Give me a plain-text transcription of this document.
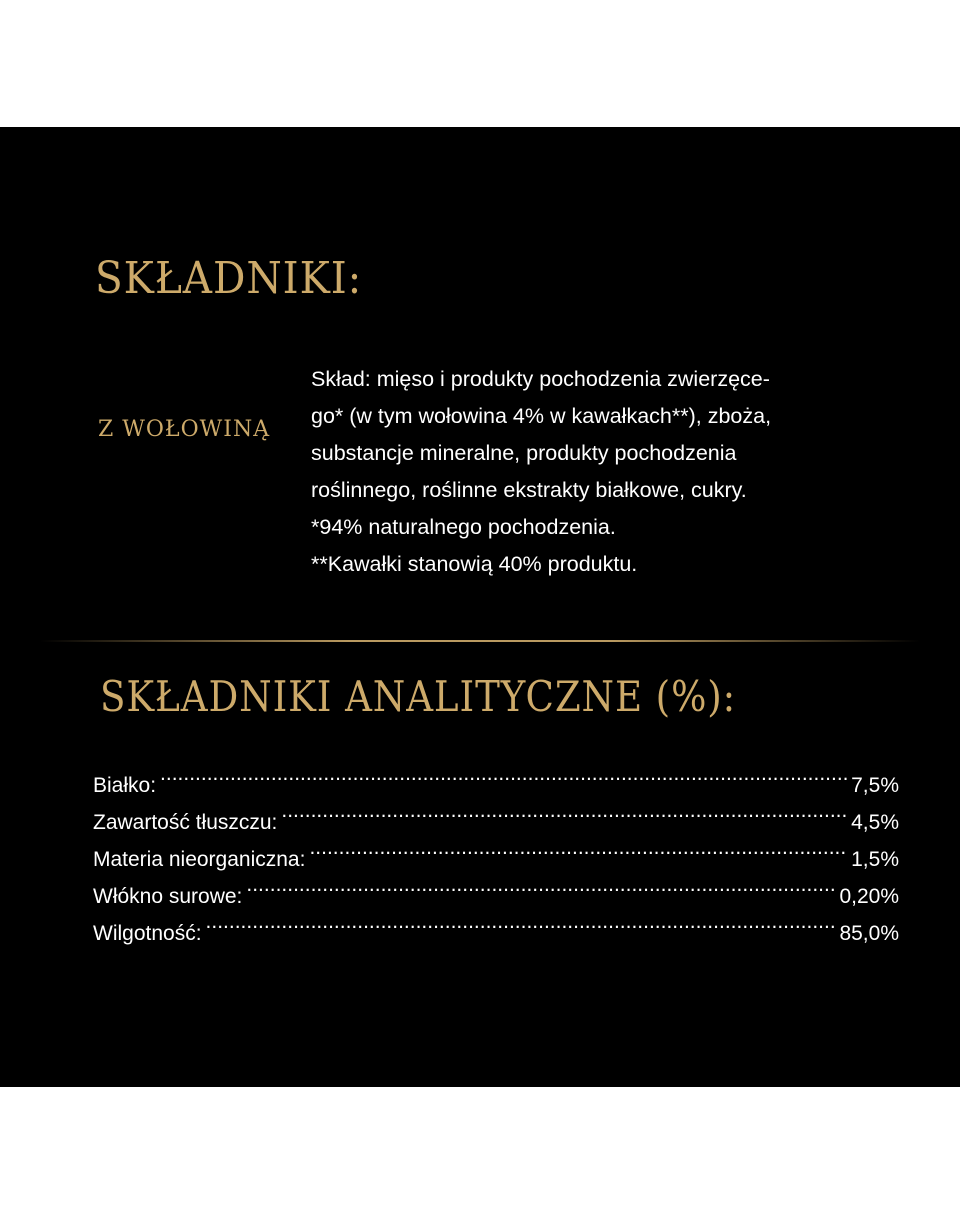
SKŁADNIKI:
Z WOŁOWINĄ
Skład: mięso i produkty pochodzenia zwierzęce-
go* (w tym wołowina 4% w kawałkach**), zboża,
substancje mineralne, produkty pochodzenia
roślinnego, roślinne ekstrakty białkowe, cukry.
*94% naturalnego pochodzenia.
**Kawałki stanowią 40% produktu.
SKŁADNIKI ANALITYCZNE (%):
Białko: .....	7,5%
Zawartość tłuszczu: .....	4,5%
Materia nieorganiczna: .....	1,5%
Włókno surowe: .....	0,20%
Wilgotność: .....	85,0%
